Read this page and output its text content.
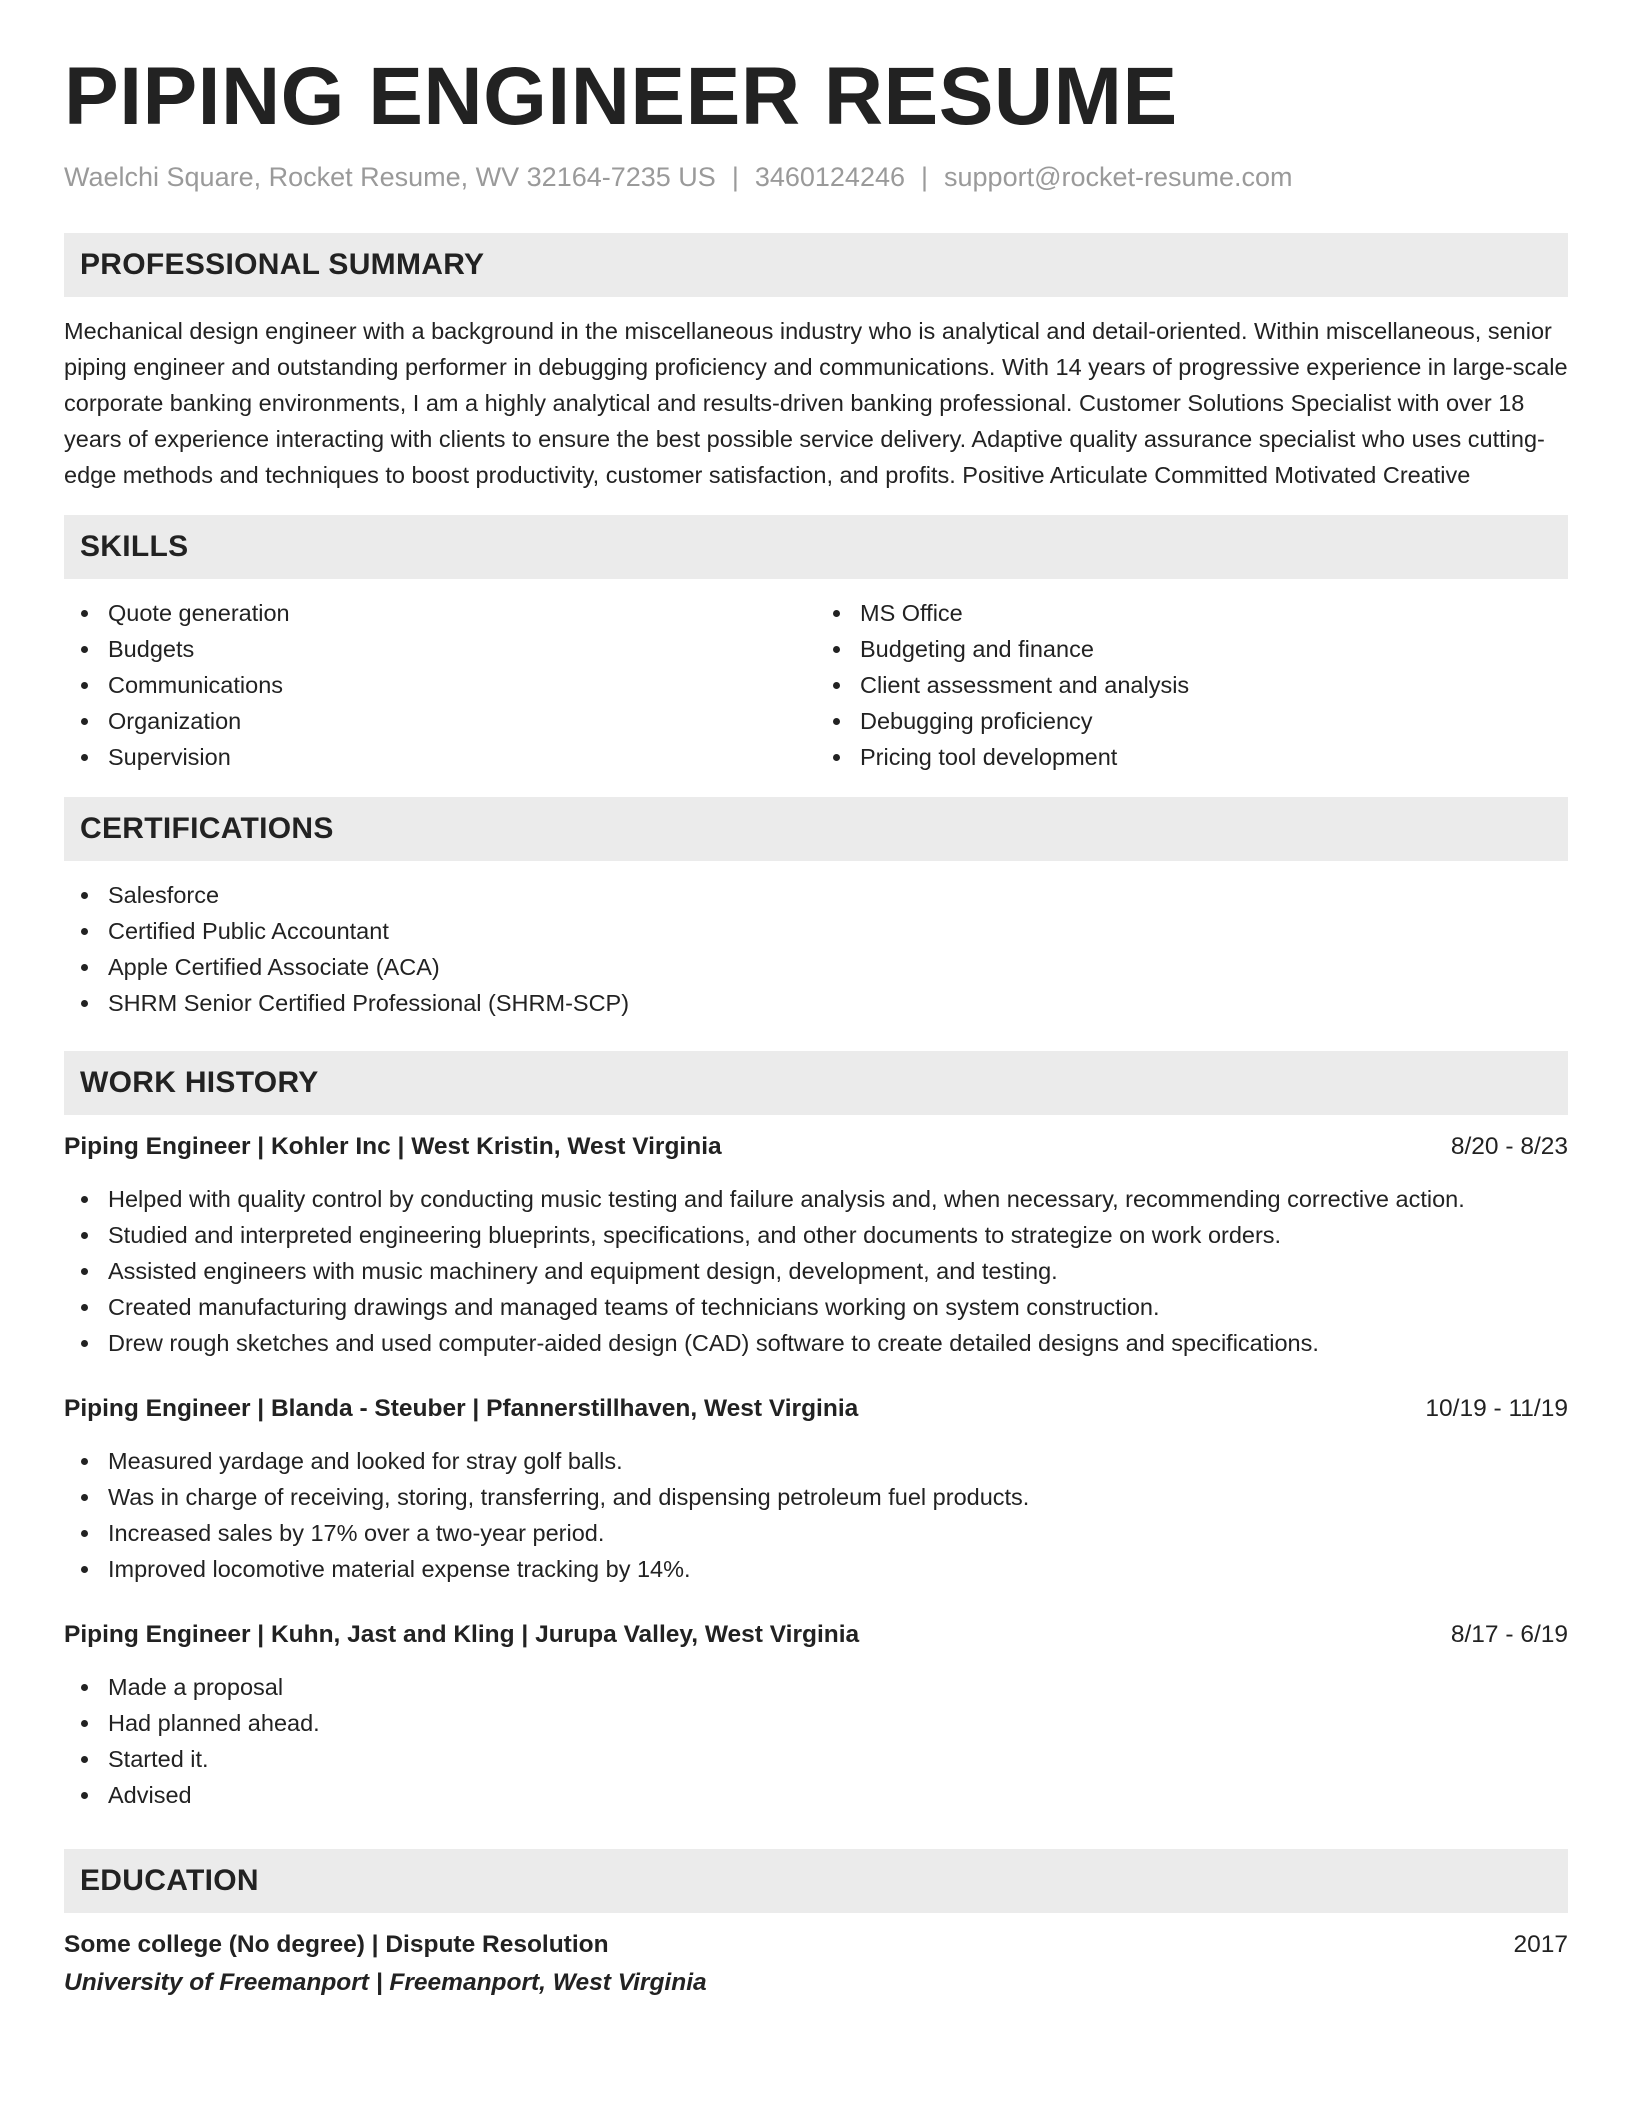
PIPING ENGINEER RESUME
Waelchi Square, Rocket Resume, WV 32164-7235 US | 3460124246 | support@rocket-resume.com
PROFESSIONAL SUMMARY

Mechanical design engineer with a background in the miscellaneous industry who is analytical and detail-oriented. Within miscellaneous, senior piping engineer and outstanding performer in debugging proficiency and communications. With 14 years of progressive experience in large-scale corporate banking environments, I am a highly analytical and results-driven banking professional. Customer Solutions Specialist with over 18 years of experience interacting with clients to ensure the best possible service delivery. Adaptive quality assurance specialist who uses cutting-edge methods and techniques to boost productivity, customer satisfaction, and profits. Positive Articulate Committed Motivated Creative

SKILLS
Quote generation
Budgets
Communications
Organization
Supervision
MS Office
Budgeting and finance
Client assessment and analysis
Debugging proficiency
Pricing tool development
CERTIFICATIONS
Salesforce
Certified Public Accountant
Apple Certified Associate (ACA)
SHRM Senior Certified Professional (SHRM-SCP)
WORK HISTORY
Piping Engineer | Kohler Inc | West Kristin, West Virginia	8/20 - 8/23
Helped with quality control by conducting music testing and failure analysis and, when necessary, recommending corrective action.
Studied and interpreted engineering blueprints, specifications, and other documents to strategize on work orders.
Assisted engineers with music machinery and equipment design, development, and testing.
Created manufacturing drawings and managed teams of technicians working on system construction.
Drew rough sketches and used computer-aided design (CAD) software to create detailed designs and specifications.
Piping Engineer | Blanda - Steuber | Pfannerstillhaven, West Virginia	10/19 - 11/19
Measured yardage and looked for stray golf balls.
Was in charge of receiving, storing, transferring, and dispensing petroleum fuel products.
Increased sales by 17% over a two-year period.
Improved locomotive material expense tracking by 14%.
Piping Engineer | Kuhn, Jast and Kling | Jurupa Valley, West Virginia	8/17 - 6/19
Made a proposal
Had planned ahead.
Started it.
Advised
EDUCATION
Some college (No degree) | Dispute Resolution	2017
University of Freemanport | Freemanport, West Virginia
